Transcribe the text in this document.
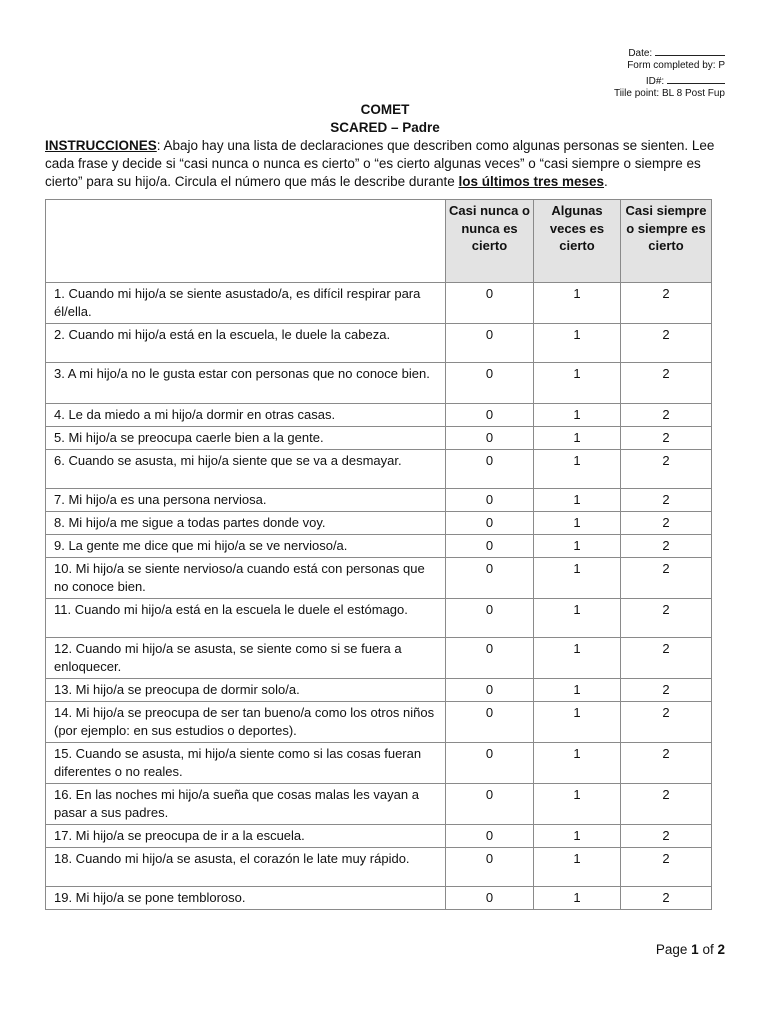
Date:
Form completed by: P
ID#:
Tiile point: BL 8 Post Fup
COMET
SCARED – Padre
INSTRUCCIONES: Abajo hay una lista de declaraciones que describen como algunas personas se sienten. Lee cada frase y decide si “casi nunca o nunca es cierto” o “es cierto algunas veces” o “casi siempre o siempre es cierto” para su hijo/a. Circula el número que más le describe durante los últimos tres meses.
	Casi nunca o nunca es cierto	Algunas veces es cierto	Casi siempre o siempre es cierto
1. Cuando mi hijo/a se siente asustado/a, es difícil respirar para él/ella.	0	1	2
2. Cuando mi hijo/a está en la escuela, le duele la cabeza.	0	1	2
3. A mi hijo/a no le gusta estar con personas que no conoce bien.	0	1	2
4. Le da miedo a mi hijo/a dormir en otras casas.	0	1	2
5. Mi hijo/a se preocupa caerle bien a la gente.	0	1	2
6. Cuando se asusta, mi hijo/a siente que se va a desmayar.	0	1	2
7. Mi hijo/a es una persona nerviosa.	0	1	2
8. Mi hijo/a me sigue a todas partes donde voy.	0	1	2
9. La gente me dice que mi hijo/a se ve nervioso/a.	0	1	2
10. Mi hijo/a se siente nervioso/a cuando está con personas que no conoce bien.	0	1	2
11. Cuando mi hijo/a está en la escuela le duele el estómago.	0	1	2
12. Cuando mi hijo/a se asusta, se siente como si se fuera a enloquecer.	0	1	2
13. Mi hijo/a se preocupa de dormir solo/a.	0	1	2
14. Mi hijo/a se preocupa de ser tan bueno/a como los otros niños (por ejemplo: en sus estudios o deportes).	0	1	2
15. Cuando se asusta, mi hijo/a siente como si las cosas fueran diferentes o no reales.	0	1	2
16. En las noches mi hijo/a sueña que cosas malas les vayan a pasar a sus padres.	0	1	2
17. Mi hijo/a se preocupa de ir a la escuela.	0	1	2
18. Cuando mi hijo/a se asusta, el corazón le late muy rápido.	0	1	2
19. Mi hijo/a se pone tembloroso.	0	1	2
Page 1 of 2
